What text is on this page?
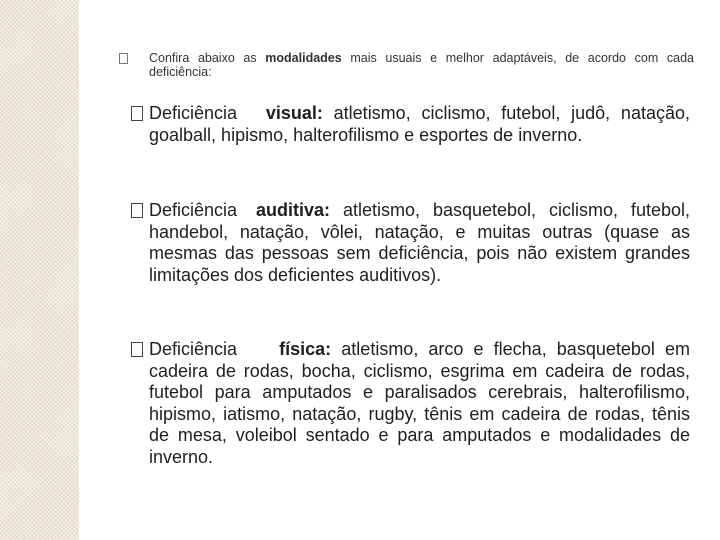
Confira abaixo as modalidades mais usuais e melhor adaptáveis, de acordo com cada deficiência:
Deficiência visual: atletismo, ciclismo, futebol, judô, natação, goalball, hipismo, halterofilismo e esportes de inverno.
Deficiência auditiva: atletismo, basquetebol, ciclismo, futebol, handebol, natação, vôlei, natação, e muitas outras (quase as mesmas das pessoas sem deficiência, pois não existem grandes limitações dos deficientes auditivos).
Deficiência física: atletismo, arco e flecha, basquetebol em cadeira de rodas, bocha, ciclismo, esgrima em cadeira de rodas, futebol para amputados e paralisados cerebrais, halterofilismo, hipismo, iatismo, natação, rugby, tênis em cadeira de rodas, tênis de mesa, voleibol sentado e para amputados e modalidades de inverno.
